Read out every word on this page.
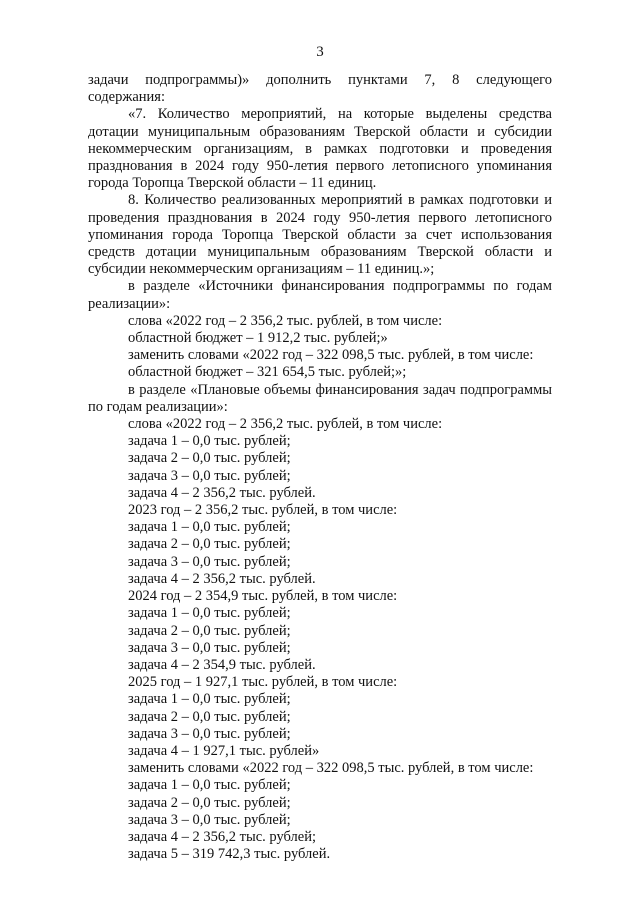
3

задачи подпрограммы)» дополнить пунктами 7, 8 следующего содержания:

«7. Количество мероприятий, на которые выделены средства дотации муниципальным образованиям Тверской области и субсидии некоммерческим организациям, в рамках подготовки и проведения празднования в 2024 году 950-летия первого летописного упоминания города Торопца Тверской области – 11 единиц.

8. Количество реализованных мероприятий в рамках подготовки и проведения празднования в 2024 году 950-летия первого летописного упоминания города Торопца Тверской области за счет использования средств дотации муниципальным образованиям Тверской области и субсидии некоммерческим организациям – 11 единиц.»;

в разделе «Источники финансирования подпрограммы по годам реализации»:

слова «2022 год – 2 356,2 тыс. рублей, в том числе:

областной бюджет – 1 912,2 тыс. рублей;»

заменить словами «2022 год – 322 098,5 тыс. рублей, в том числе:

областной бюджет – 321 654,5 тыс. рублей;»;

в разделе «Плановые объемы финансирования задач подпрограммы по годам реализации»:

слова «2022 год – 2 356,2 тыс. рублей, в том числе:

задача 1 – 0,0 тыс. рублей;

задача 2 – 0,0 тыс. рублей;

задача 3 – 0,0 тыс. рублей;

задача 4 – 2 356,2 тыс. рублей.

2023 год – 2 356,2 тыс. рублей, в том числе:

задача 1 – 0,0 тыс. рублей;

задача 2 – 0,0 тыс. рублей;

задача 3 – 0,0 тыс. рублей;

задача 4 – 2 356,2 тыс. рублей.

2024 год – 2 354,9 тыс. рублей, в том числе:

задача 1 – 0,0 тыс. рублей;

задача 2 – 0,0 тыс. рублей;

задача 3 – 0,0 тыс. рублей;

задача 4 – 2 354,9 тыс. рублей.

2025 год – 1 927,1 тыс. рублей, в том числе:

задача 1 – 0,0 тыс. рублей;

задача 2 – 0,0 тыс. рублей;

задача 3 – 0,0 тыс. рублей;

задача 4 – 1 927,1 тыс. рублей»

заменить словами «2022 год – 322 098,5 тыс. рублей, в том числе:

задача 1 – 0,0 тыс. рублей;

задача 2 – 0,0 тыс. рублей;

задача 3 – 0,0 тыс. рублей;

задача 4 – 2 356,2 тыс. рублей;

задача 5 – 319 742,3 тыс. рублей.
